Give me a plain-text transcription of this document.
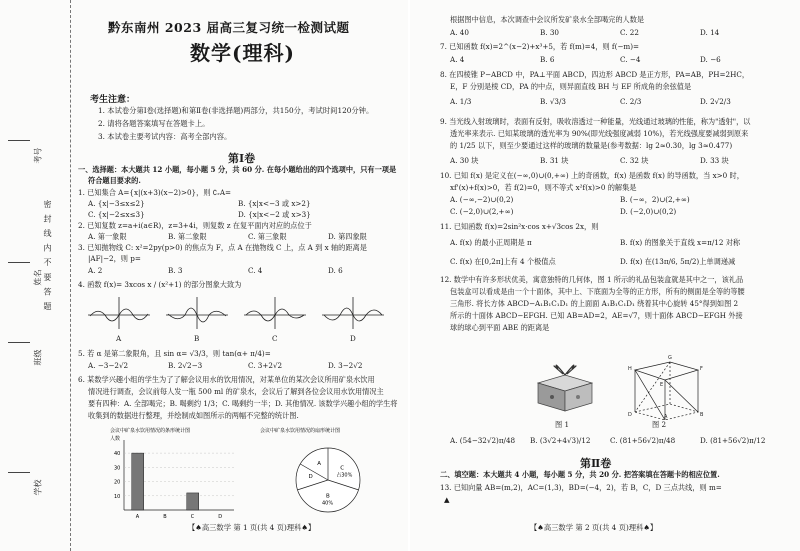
考号
姓名
班级
学校
密 封 线 内 不 要 答 题
黔东南州 2023 届高三复习统一检测试题
数学(理科)
考生注意：
1. 本试卷分第Ⅰ卷(选择题)和第Ⅱ卷(非选择题)两部分，共150分，考试时间120分钟。
2. 请将各题答案填写在答题卡上。
3. 本试卷主要考试内容：高考全部内容。
第Ⅰ卷
一、选择题：本大题共 12 小题，每小题 5 分，共 60 分. 在每小题给出的四个选项中，只有一项是
符合题目要求的.
1. 已知集合 A={x|(x+3)(x−2)>0}，则 ∁ᵣA=
A. {x|−3≤x≤2}	B. {x|x<−3 或 x>2}
C. {x|−2≤x≤3}	D. {x|x<−2 或 x>3}
2. 已知复数 z=a+i(a∈R)，z=3+4i，则复数 z 在复平面内对应的点位于
A. 第一象限	B. 第二象限	C. 第三象限	D. 第四象限
3. 已知抛物线 C: x²=2py(p>0) 的焦点为 F，点 A 在抛物线 C 上，点 A 到 x 轴的距离是
|AF|−2，则 p=
A. 2	B. 3	C. 4	D. 6
4. 函数 f(x)= 3xcos x / (x²+1) 的部分图象大致为
A	B	C	D
5. 若 α 是第二象限角，且 sin α= √3/3，则 tan(α+ π/4)=
A. −3−2√2	B. 2√2−3	C. 3+2√2	D. 3−2√2
6. 某数学兴趣小组的学生为了了解会议用水的饮用情况，对某单位的某次会议所用矿泉水饮用
情况进行调查，会议前每人发一瓶 500 ml 的矿泉水，会议后了解到各位会议用水饮用情况主
要有四种：A. 全部喝完；B. 喝剩约 1/3；C. 喝剩约一半；D. 其他情况. 该数学兴趣小组的学生将
收集到的数据进行整理，并绘制成如图所示的两幅不完整的统计图.
会议中矿泉水饮用情况的条形统计图
人数
10
20
30
40
A	B	C	D
会议中矿泉水饮用情况的扇形统计图
A
B
40%
C
占30%
D
【♠高三数学 第 1 页(共 4 页)理科♠】
根据图中信息，本次调查中会议所发矿泉水全部喝完的人数是
A. 40	B. 30	C. 22	D. 14
7. 已知函数 f(x)=2^(x−2)+x³+5，若 f(m)=4，则 f(−m)=
A. 4	B. 6	C. −4	D. −6
8. 在四棱锥 P−ABCD 中，PA⊥平面 ABCD，四边形 ABCD 是正方形，PA=AB，PH=2HC，
E，F 分别是棱 CD，PA 的中点，则异面直线 BH 与 EF 所成角的余弦值是
A. 1/3	B. √3/3	C. 2/3	D. 2√2/3
9. 当光线入射玻璃时，表面有反射，吸收溶透过一种能量，光线通过玻璃的性能，称为"透射"，以
透光率来表示. 已知某玻璃的透光率为 90%(即光线强度减弱 10%)，若光线强度要减弱到原来
的 1/25 以下，则至少要通过这样的玻璃的数量是(参考数据：lg 2≈0.30，lg 3≈0.477)
A. 30 块	B. 31 块	C. 32 块	D. 33 块
10. 已知 f(x) 是定义在(−∞,0)∪(0,+∞) 上的奇函数，f(x) 是函数 f(x) 的导函数，当 x>0 时，
xf'(x)+f(x)>0，若 f(2)=0，则不等式 x²f(x)>0 的解集是
A. (−∞,−2)∪(0,2)	B. (−∞，2)∪(2,+∞)
C. (−2,0)∪(2,+∞)	D. (−2,0)∪(0,2)
11. 已知函数 f(x)=2sin²x·cos x+√3cos 2x，则
A. f(x) 的最小正周期是 π	B. f(x) 的图象关于直线 x=π/12 对称
C. f(x) 在[0,2π]上有 4 个极值点	D. f(x) 在(13π/6, 5π/2)上单调递减
12. 数学中有许多形状优美，寓意独特的几何体，图 1 所示的礼品包装盒就是其中之一，该礼品
包装盒可以看成是由一个十面体，其中上、下底面为全等的正方形，所有的侧面是全等的等腰
三角形. 将长方体 ABCD−A₁B₁C₁D₁ 的上面面 A₁B₁C₁D₁ 绕着其中心旋转 45°得到如图 2
所示的十面体 ABCD−EFGH. 已知 AB=AD=2，AE=√7，则十面体 ABCD−EFGH 外接
球的球心到平面 ABE 的距离是
图 1
H
G
F
E
D	B
A
图 2
A. (54−32√2)π/48 B. (3√2+4√3)/12	C. (81+56√2)π/48	D. (81+56√2)π/12
第Ⅱ卷
二、填空题：本大题共 4 小题，每小题 5 分，共 20 分. 把答案填在答题卡的相应位置.
13. 已知向量 AB=(m,2)，AC=(1,3)，BD=(−4，2)，若 B，C，D 三点共线，则 m=
▲
【♠高三数学 第 2 页(共 4 页)理科♠】
